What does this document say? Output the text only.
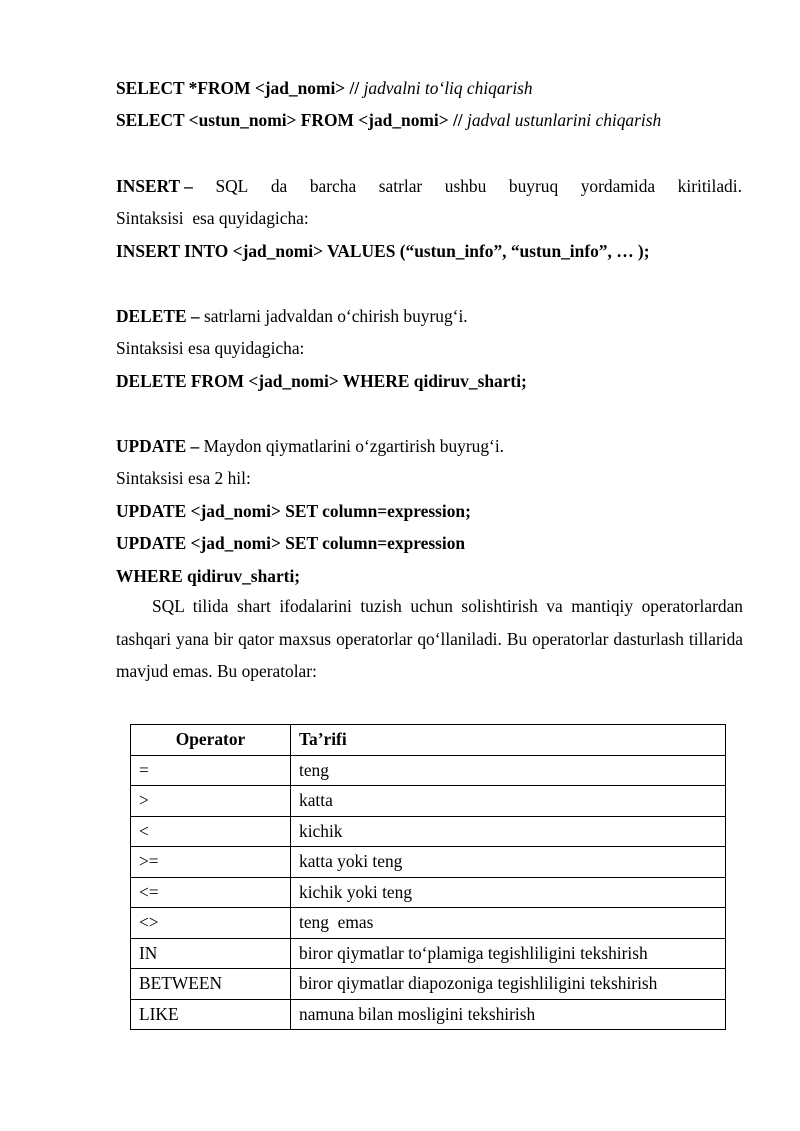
SELECT *FROM <jad_nomi> // jadvalni to‘liq chiqarish
SELECT <ustun_nomi> FROM <jad_nomi> // jadval ustunlarini chiqarish
INSERT – SQL da barcha satrlar ushbu buyruq yordamida kiritiladi.
Sintaksisi  esa quyidagicha:
INSERT INTO <jad_nomi> VALUES (“ustun_info”, “ustun_info”, … );
DELETE – satrlarni jadvaldan o‘chirish buyrug‘i.
Sintaksisi esa quyidagicha:
DELETE FROM <jad_nomi> WHERE qidiruv_sharti;
UPDATE – Maydon qiymatlarini o‘zgartirish buyrug‘i.
Sintaksisi esa 2 hil:
UPDATE <jad_nomi> SET column=expression;
UPDATE <jad_nomi> SET column=expression
WHERE qidiruv_sharti;
SQL tilida shart ifodalarini tuzish uchun solishtirish va mantiqiy operatorlardan tashqari yana bir qator maxsus operatorlar qo‘llaniladi. Bu operatorlar dasturlash tillarida mavjud emas. Bu operatolar:
Operator	Ta’rifi
=	teng
>	katta
<	kichik
>=	katta yoki teng
<=	kichik yoki teng
<>	teng  emas
IN	biror qiymatlar to‘plamiga tegishliligini tekshirish
BETWEEN	biror qiymatlar diapozoniga tegishliligini tekshirish
LIKE	namuna bilan mosligini tekshirish
